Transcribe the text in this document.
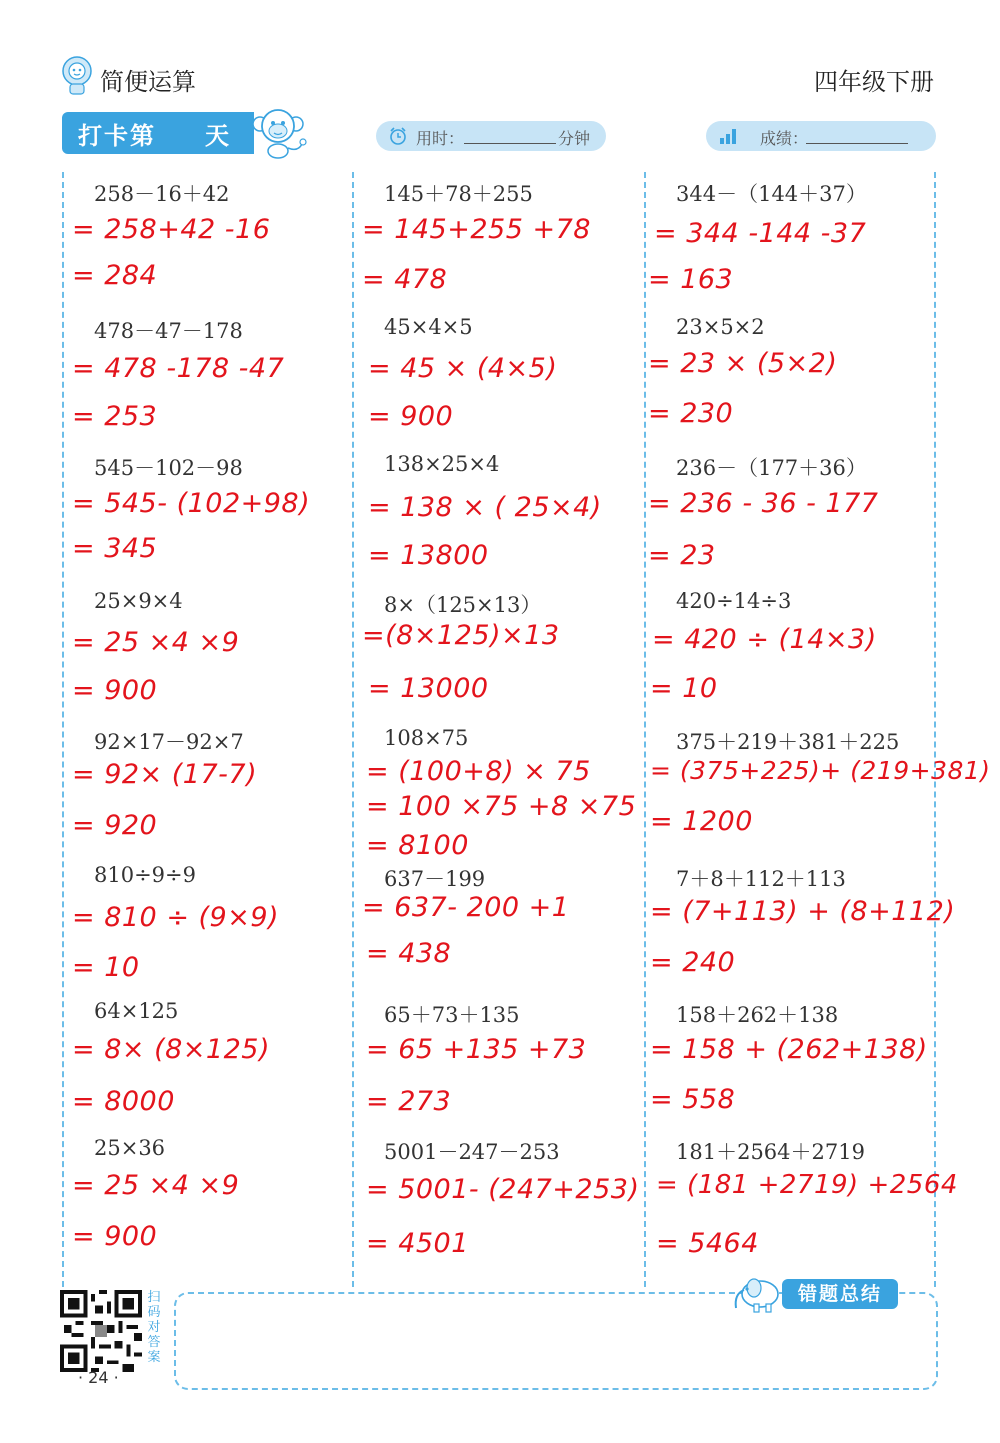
简便运算	四年级下册
打卡第 天	用时：	分钟	成绩：
258－16＋42
= 258+42 -16
= 284
478－47－178
= 478 -178 -47
= 253
545－102－98
= 545- (102+98)
= 345
25×9×4
= 25 ×4 ×9
= 900
92×17－92×7
= 92× (17-7)
= 920
810÷9÷9
= 810 ÷ (9×9)
= 10
64×125
= 8× (8×125)
= 8000
25×36
= 25 ×4 ×9
= 900
145＋78＋255
= 145+255 +78
= 478
45×4×5
= 45 × (4×5)
= 900
138×25×4
= 138 × ( 25×4)
= 13800
8×（125×13）
=(8×125)×13
= 13000
108×75
= (100+8) × 75
= 100 ×75 +8 ×75
= 8100
637－199
= 637- 200 +1
= 438
65＋73＋135
= 65 +135 +73
= 273
5001－247－253
= 5001- (247+253)
= 4501
344－（144＋37）
= 344 -144 -37
= 163
23×5×2
= 23 × (5×2)
= 230
236－（177＋36）
= 236 - 36 - 177
= 23
420÷14÷3
= 420 ÷ (14×3)
= 10
375＋219＋381＋225
= (375+225)+ (219+381)
= 1200
7＋8＋112＋113
= (7+113) + (8+112)
= 240
158＋262＋138
= 158 + (262+138)
= 558
181＋2564＋2719
= (181 +2719) +2564
= 5464
扫码对答案
· 24 ·
错题总结
